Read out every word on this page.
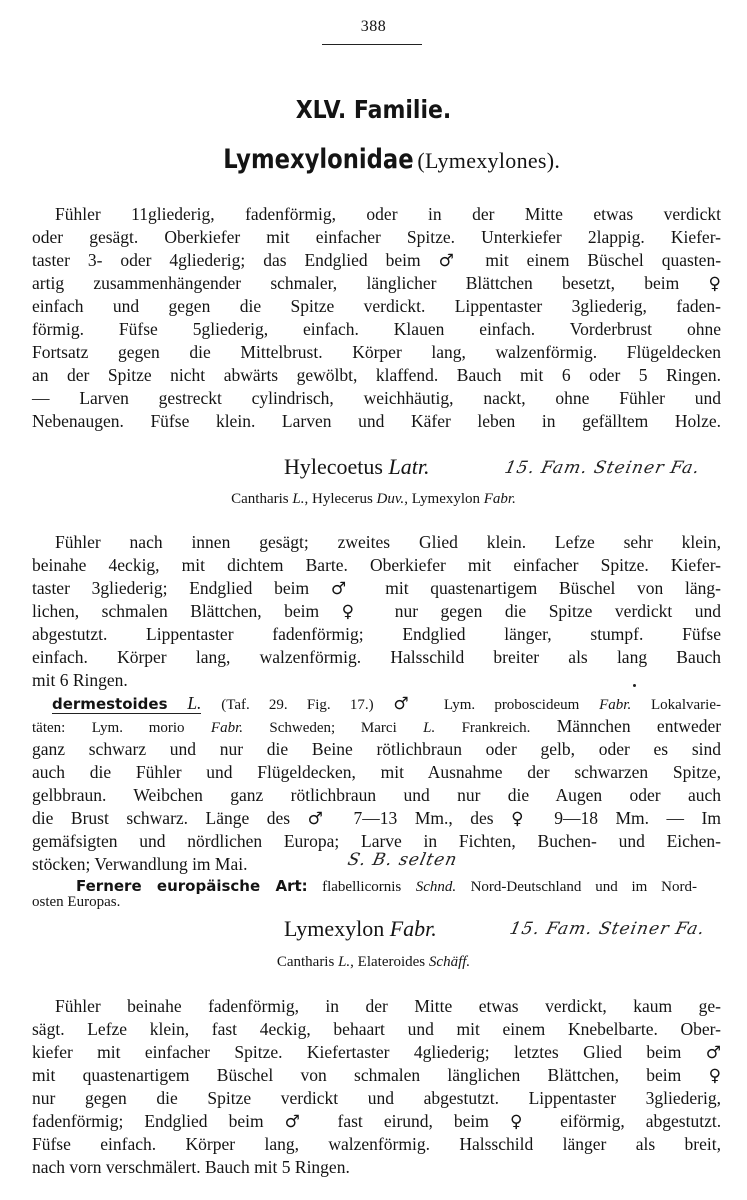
388
XLV. Familie.
Lymexylonidae (Lymexylones).
Fühler 11gliederig, fadenförmig, oder in der Mitte etwas verdickt
oder gesägt. Oberkiefer mit einfacher Spitze. Unterkiefer 2lappig. Kiefer-
taster 3- oder 4gliederig; das Endglied beim ♂ mit einem Büschel quasten-
artig zusammenhängender schmaler, länglicher Blättchen besetzt, beim ♀
einfach und gegen die Spitze verdickt. Lippentaster 3gliederig, faden-
förmig. Füfse 5gliederig, einfach. Klauen einfach. Vorderbrust ohne
Fortsatz gegen die Mittelbrust. Körper lang, walzenförmig. Flügeldecken
an der Spitze nicht abwärts gewölbt, klaffend. Bauch mit 6 oder 5 Ringen.
— Larven gestreckt cylindrisch, weichhäutig, nackt, ohne Fühler und
Nebenaugen. Füfse klein. Larven und Käfer leben in gefälltem Holze.
Hylecoetus Latr.	15. Fam. Steiner Fa.
Cantharis L., Hylecerus Duv., Lymexylon Fabr.
Fühler nach innen gesägt; zweites Glied klein. Lefze sehr klein,
beinahe 4eckig, mit dichtem Barte. Oberkiefer mit einfacher Spitze. Kiefer-
taster 3gliederig; Endglied beim ♂ mit quastenartigem Büschel von läng-
lichen, schmalen Blättchen, beim ♀ nur gegen die Spitze verdickt und
abgestutzt. Lippentaster fadenförmig; Endglied länger, stumpf. Füfse
einfach. Körper lang, walzenförmig. Halsschild breiter als lang Bauch
mit 6 Ringen.
dermestoides L. (Taf. 29. Fig. 17.) ♂ Lym. proboscideum Fabr. Lokalvarie-
täten: Lym. morio Fabr. Schweden; Marci L. Frankreich. Männchen entweder
ganz schwarz und nur die Beine rötlichbraun oder gelb, oder es sind
auch die Fühler und Flügeldecken, mit Ausnahme der schwarzen Spitze,
gelbbraun. Weibchen ganz rötlichbraun und nur die Augen oder auch
die Brust schwarz. Länge des ♂ 7—13 Mm., des ♀ 9—18 Mm. — Im
gemäfsigten und nördlichen Europa; Larve in Fichten, Buchen- und Eichen-
stöcken; Verwandlung im Mai.	S. B. selten
Fernere europäische Art: flabellicornis Schnd. Nord-Deutschland und im Nord-
osten Europas.
Lymexylon Fabr.	15. Fam. Steiner Fa.
Cantharis L., Elateroides Schäff.
Fühler beinahe fadenförmig, in der Mitte etwas verdickt, kaum ge-
sägt. Lefze klein, fast 4eckig, behaart und mit einem Knebelbarte. Ober-
kiefer mit einfacher Spitze. Kiefertaster 4gliederig; letztes Glied beim ♂
mit quastenartigem Büschel von schmalen länglichen Blättchen, beim ♀
nur gegen die Spitze verdickt und abgestutzt. Lippentaster 3gliederig,
fadenförmig; Endglied beim ♂ fast eirund, beim ♀ eiförmig, abgestutzt.
Füfse einfach. Körper lang, walzenförmig. Halsschild länger als breit,
nach vorn verschmälert. Bauch mit 5 Ringen.
